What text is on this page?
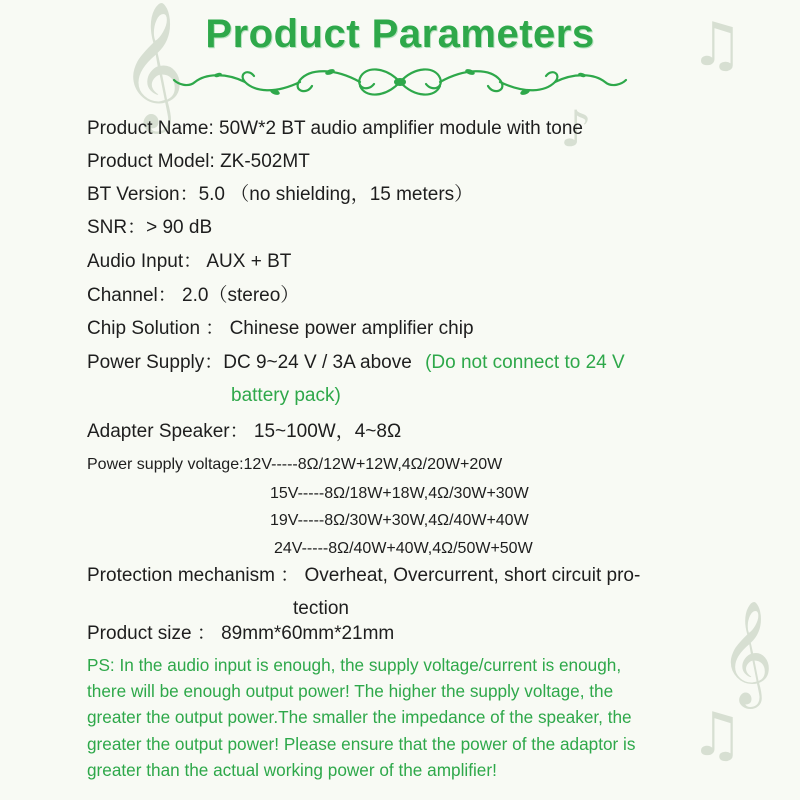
𝄞	♫
♪
𝄞
♫
Product Parameters
Product Name: 50W*2 BT audio amplifier module with tone
Product Model: ZK-502MT
BT Version：5.0 （no shielding，15 meters）
SNR：> 90 dB
Audio Input： AUX + BT
Channel： 2.0（stereo）
Chip Solution ： Chinese power amplifier chip
Power Supply：DC 9~24 V / 3A above (Do not connect to 24 V
battery pack)
Adapter Speaker： 15~100W，4~8Ω
Power supply voltage:12V-----8Ω/12W+12W,4Ω/20W+20W
15V-----8Ω/18W+18W,4Ω/30W+30W
19V-----8Ω/30W+30W,4Ω/40W+40W
24V-----8Ω/40W+40W,4Ω/50W+50W
Protection mechanism ： Overheat, Overcurrent, short circuit pro-
tection
Product size ： 89mm*60mm*21mm
PS: In the audio input is enough, the supply voltage/current is enough,
there will be enough output power! The higher the supply voltage, the
greater the output power.The smaller the impedance of the speaker, the
greater the output power! Please ensure that the power of the adaptor is
greater than the actual working power of the amplifier!
